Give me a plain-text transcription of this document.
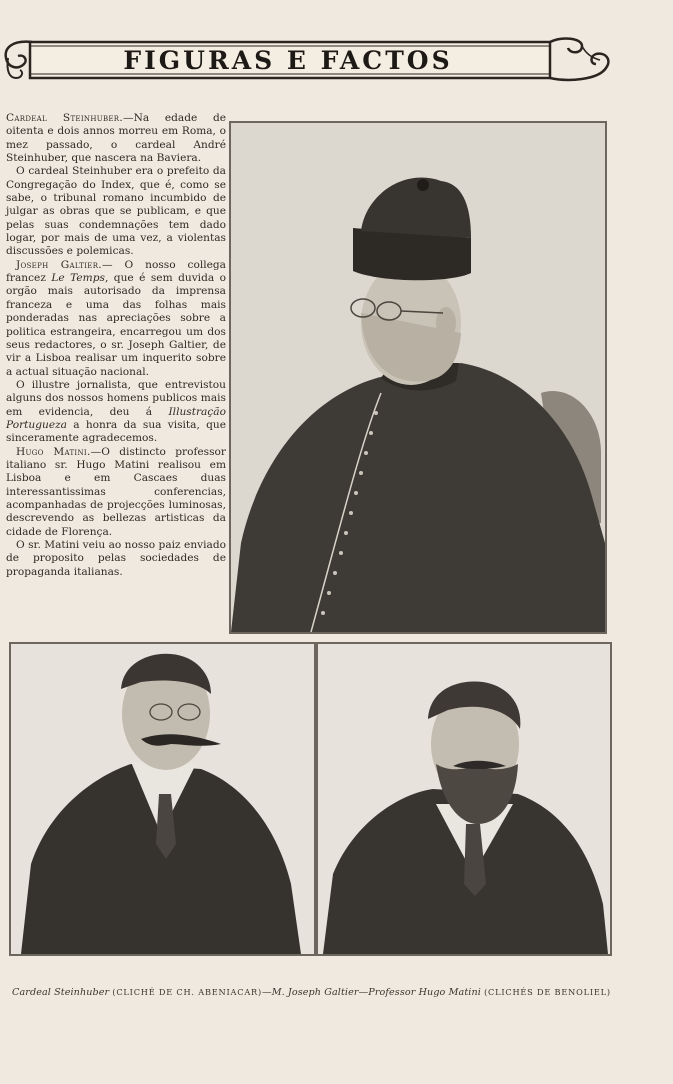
FIGURAS E FACTOS

Cardeal Steinhuber.—Na edade de oitenta e dois annos morreu em Roma, o mez passado, o cardeal André Steinhuber, que nascera na Baviera.

O cardeal Steinhuber era o prefeito da Congregação do Index, que é, como se sabe, o tribunal romano incumbido de julgar as obras que se publicam, e que pelas suas condemnações tem dado logar, por mais de uma vez, a violentas discussões e polemicas.

Joseph Galtier.— O nosso collega francez Le Temps, que é sem duvida o orgão mais autorisado da imprensa franceza e uma das folhas mais ponderadas nas apreciações sobre a politica estrangeira, encarregou um dos seus redactores, o sr. Joseph Galtier, de vir a Lisboa realisar um inquerito sobre a actual situação nacional.

O illustre jornalista, que entrevistou alguns dos nossos homens publicos mais em evidencia, deu á Illustração Portugueza a honra da sua visita, que sinceramente agradecemos.

Hugo Matini.—O distincto professor italiano sr. Hugo Matini realisou em Lisboa e em Cascaes duas interessantissimas conferencias, acompanhadas de projecções luminosas, descrevendo as bellezas artisticas da cidade de Florença.

O sr. Matini veiu ao nosso paiz enviado de proposito pelas sociedades de propaganda italianas.

Cardeal Steinhuber (CLICHÉ DE CH. ABENIACAR)—M. Joseph Galtier—Professor Hugo Matini (CLICHÉS DE BENOLIEL)
